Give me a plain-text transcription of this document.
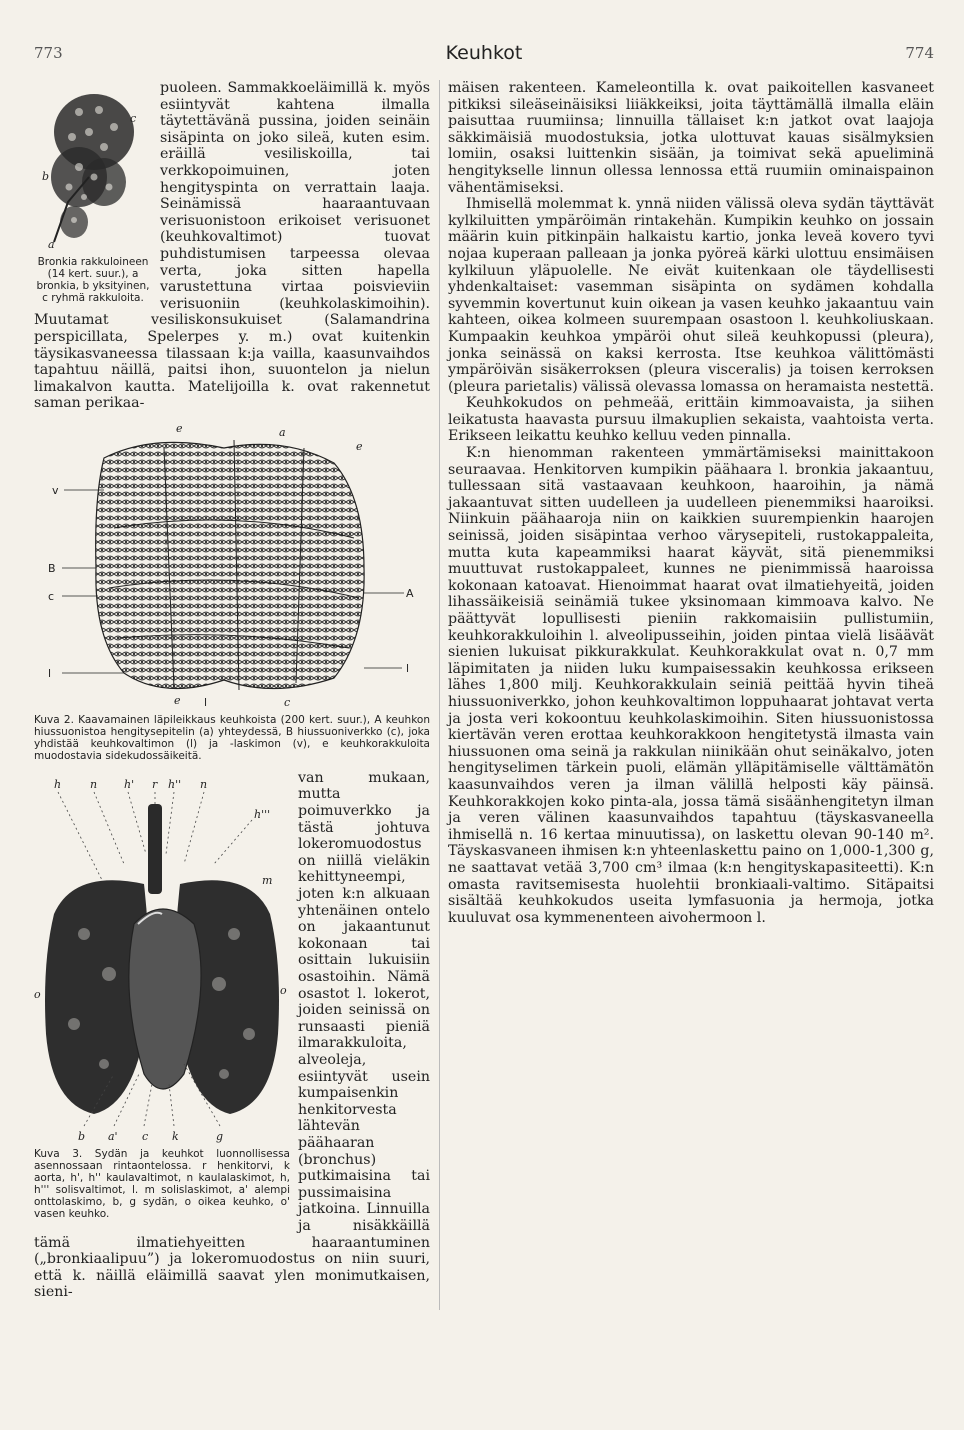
773	Keuhkot	774
a
c
b
Bronkia rakkuloineen (14 kert. suur.), a bronkia, b yksityinen, c ryhmä rakkuloita.

puoleen. Sammakkoeläimillä k. myös esiintyvät kahtena ilmalla täytettävänä pussina, joiden seinäin sisäpinta on joko sileä, kuten esim. eräillä vesiliskoilla, tai verkkopoimuinen, joten hengityspinta on verrattain laaja. Seinämissä haaraantuvaan verisuonistoon erikoiset verisuonet (keuhkovaltimot) tuovat puhdistumisen tarpeessa olevaa verta, joka sitten hapella varustettuna virtaa poisvieviin verisuoniin (keuhkolaskimoihin). Muutamat vesiliskonsukuiset (Salamandrina perspicillata, Spelerpes y. m.) ovat kuitenkin täysikasvaneessa tilassaan k:ja vailla, kaasunvaihdos tapahtuu näillä, paitsi ihon, suuontelon ja nielun limakalvon kautta. Matelijoilla k. ovat rakennetut saman perikaa-

e	a
e
v
B
c	A
l	l
e l	c
Kuva 2. Kaavamainen läpileikkaus keuhkoista (200 kert. suur.), A keuhkon hiussuonistoa hengitysepitelin (a) yhteydessä, B hiussuoniverkko (c), joka yhdistää keuhkovaltimon (l) ja -laskimon (v), e keuhkorakkuloita muodostavia sidekudossäikeitä.
h	n h' r h'' n
h'''
m
o	o
b a' c k	g
Kuva 3. Sydän ja keuhkot luonnollisessa asennossaan rintaontelossa. r henkitorvi, k aorta, h', h'' kaulavaltimot, n kaulalaskimot, h, h''' solisvaltimot, l. m solislaskimot, a' alempi onttolaskimo, b, g sydän, o oikea keuhko, o' vasen keuhko.

van mukaan, mutta poimuverkko ja tästä johtuva lokeromuodostus on niillä vieläkin kehittyneempi, joten k:n alkuaan yhtenäinen ontelo on jakaantunut kokonaan tai osittain lukuisiin osastoihin. Nämä osastot l. lokerot, joiden seinissä on runsaasti pieniä ilmarakkuloita, alveoleja, esiintyvät usein kumpaisenkin henkitorvesta lähtevän päähaaran (bronchus) putkimaisina tai pussimaisina jatkoina. Linnuilla ja nisäkkäillä tämä ilmatiehyeitten haaraantuminen („bronkiaalipuu”) ja lokeromuodostus on niin suuri, että k. näillä eläimillä saavat ylen monimutkaisen, sieni-

mäisen rakenteen. Kameleontilla k. ovat paikoitellen kasvaneet pitkiksi sileäseinäisiksi liiäkkeiksi, joita täyttämällä ilmalla eläin paisuttaa ruumiinsa; linnuilla tällaiset k:n jatkot ovat laajoja säkkimäisiä muodostuksia, jotka ulottuvat kauas sisälmyksien lomiin, osaksi luittenkin sisään, ja toimivat sekä apueliminä hengitykselle linnun ollessa lennossa että ruumiin ominaispainon vähentämiseksi.

Ihmisellä molemmat k. ynnä niiden välissä oleva sydän täyttävät kylkiluitten ympäröimän rintakehän. Kumpikin keuhko on jossain määrin kuin pitkinpäin halkaistu kartio, jonka leveä kovero tyvi nojaa kuperaan palleaan ja jonka pyöreä kärki ulottuu ensimäisen kylkiluun yläpuolelle. Ne eivät kuitenkaan ole täydellisesti yhdenkaltaiset: vasemman sisäpinta on sydämen kohdalla syvemmin kovertunut kuin oikean ja vasen keuhko jakaantuu vain kahteen, oikea kolmeen suurempaan osastoon l. keuhkoliuskaan. Kumpaakin keuhkoa ympäröi ohut sileä keuhkopussi (pleura), jonka seinässä on kaksi kerrosta. Itse keuhkoa välittömästi ympäröivän sisäkerroksen (pleura visceralis) ja toisen kerroksen (pleura parietalis) välissä olevassa lomassa on heramaista nestettä.

Keuhkokudos on pehmeää, erittäin kimmoavaista, ja siihen leikatusta haavasta pursuu ilmakuplien sekaista, vaahtoista verta. Erikseen leikattu keuhko kelluu veden pinnalla.

K:n hienomman rakenteen ymmärtämiseksi mainittakoon seuraavaa. Henkitorven kumpikin päähaara l. bronkia jakaantuu, tullessaan sitä vastaavaan keuhkoon, haaroihin, ja nämä jakaantuvat sitten uudelleen ja uudelleen pienemmiksi haaroiksi. Niinkuin päähaaroja niin on kaikkien suurempienkin haarojen seinissä, joiden sisäpintaa verhoo värysepiteli, rustokappaleita, mutta kuta kapeammiksi haarat käyvät, sitä pienemmiksi muuttuvat rustokappaleet, kunnes ne pienimmissä haaroissa kokonaan katoavat. Hienoimmat haarat ovat ilmatiehyeitä, joiden lihassäikeisiä seinämiä tukee yksinomaan kimmoava kalvo. Ne päättyvät lopullisesti pieniin rakkomaisiin pullistumiin, keuhkorakkuloihin l. alveolipusseihin, joiden pintaa vielä lisäävät sienien lukuisat pikkurakkulat. Keuhkorakkulat ovat n. 0,7 mm läpimitaten ja niiden luku kumpaisessakin keuhkossa erikseen lähes 1,800 milj. Keuhkorakkulain seiniä peittää hyvin tiheä hiussuoniverkko, johon keuhkovaltimon loppuhaarat johtavat verta ja josta veri kokoontuu keuhkolaskimoihin. Siten hiussuonistossa kiertävän veren erottaa keuhkorakkoon hengitetystä ilmasta vain hiussuonen oma seinä ja rakkulan niinikään ohut seinäkalvo, joten hengityselimen tärkein puoli, elämän ylläpitämiselle välttämätön kaasunvaihdos veren ja ilman välillä helposti käy päinsä. Keuhkorakkojen koko pinta-ala, jossa tämä sisäänhengitetyn ilman ja veren välinen kaasunvaihdos tapahtuu (täyskasvaneella ihmisellä n. 16 kertaa minuutissa), on laskettu olevan 90-140 m². Täyskasvaneen ihmisen k:n yhteenlaskettu paino on 1,000-1,300 g, ne saattavat vetää 3,700 cm³ ilmaa (k:n hengityskapasiteetti). K:n omasta ravitsemisesta huolehtii bronkiaali-valtimo. Sitäpaitsi sisältää keuhkokudos useita lymfasuonia ja hermoja, jotka kuuluvat osa kymmenenteen aivohermoon l.
